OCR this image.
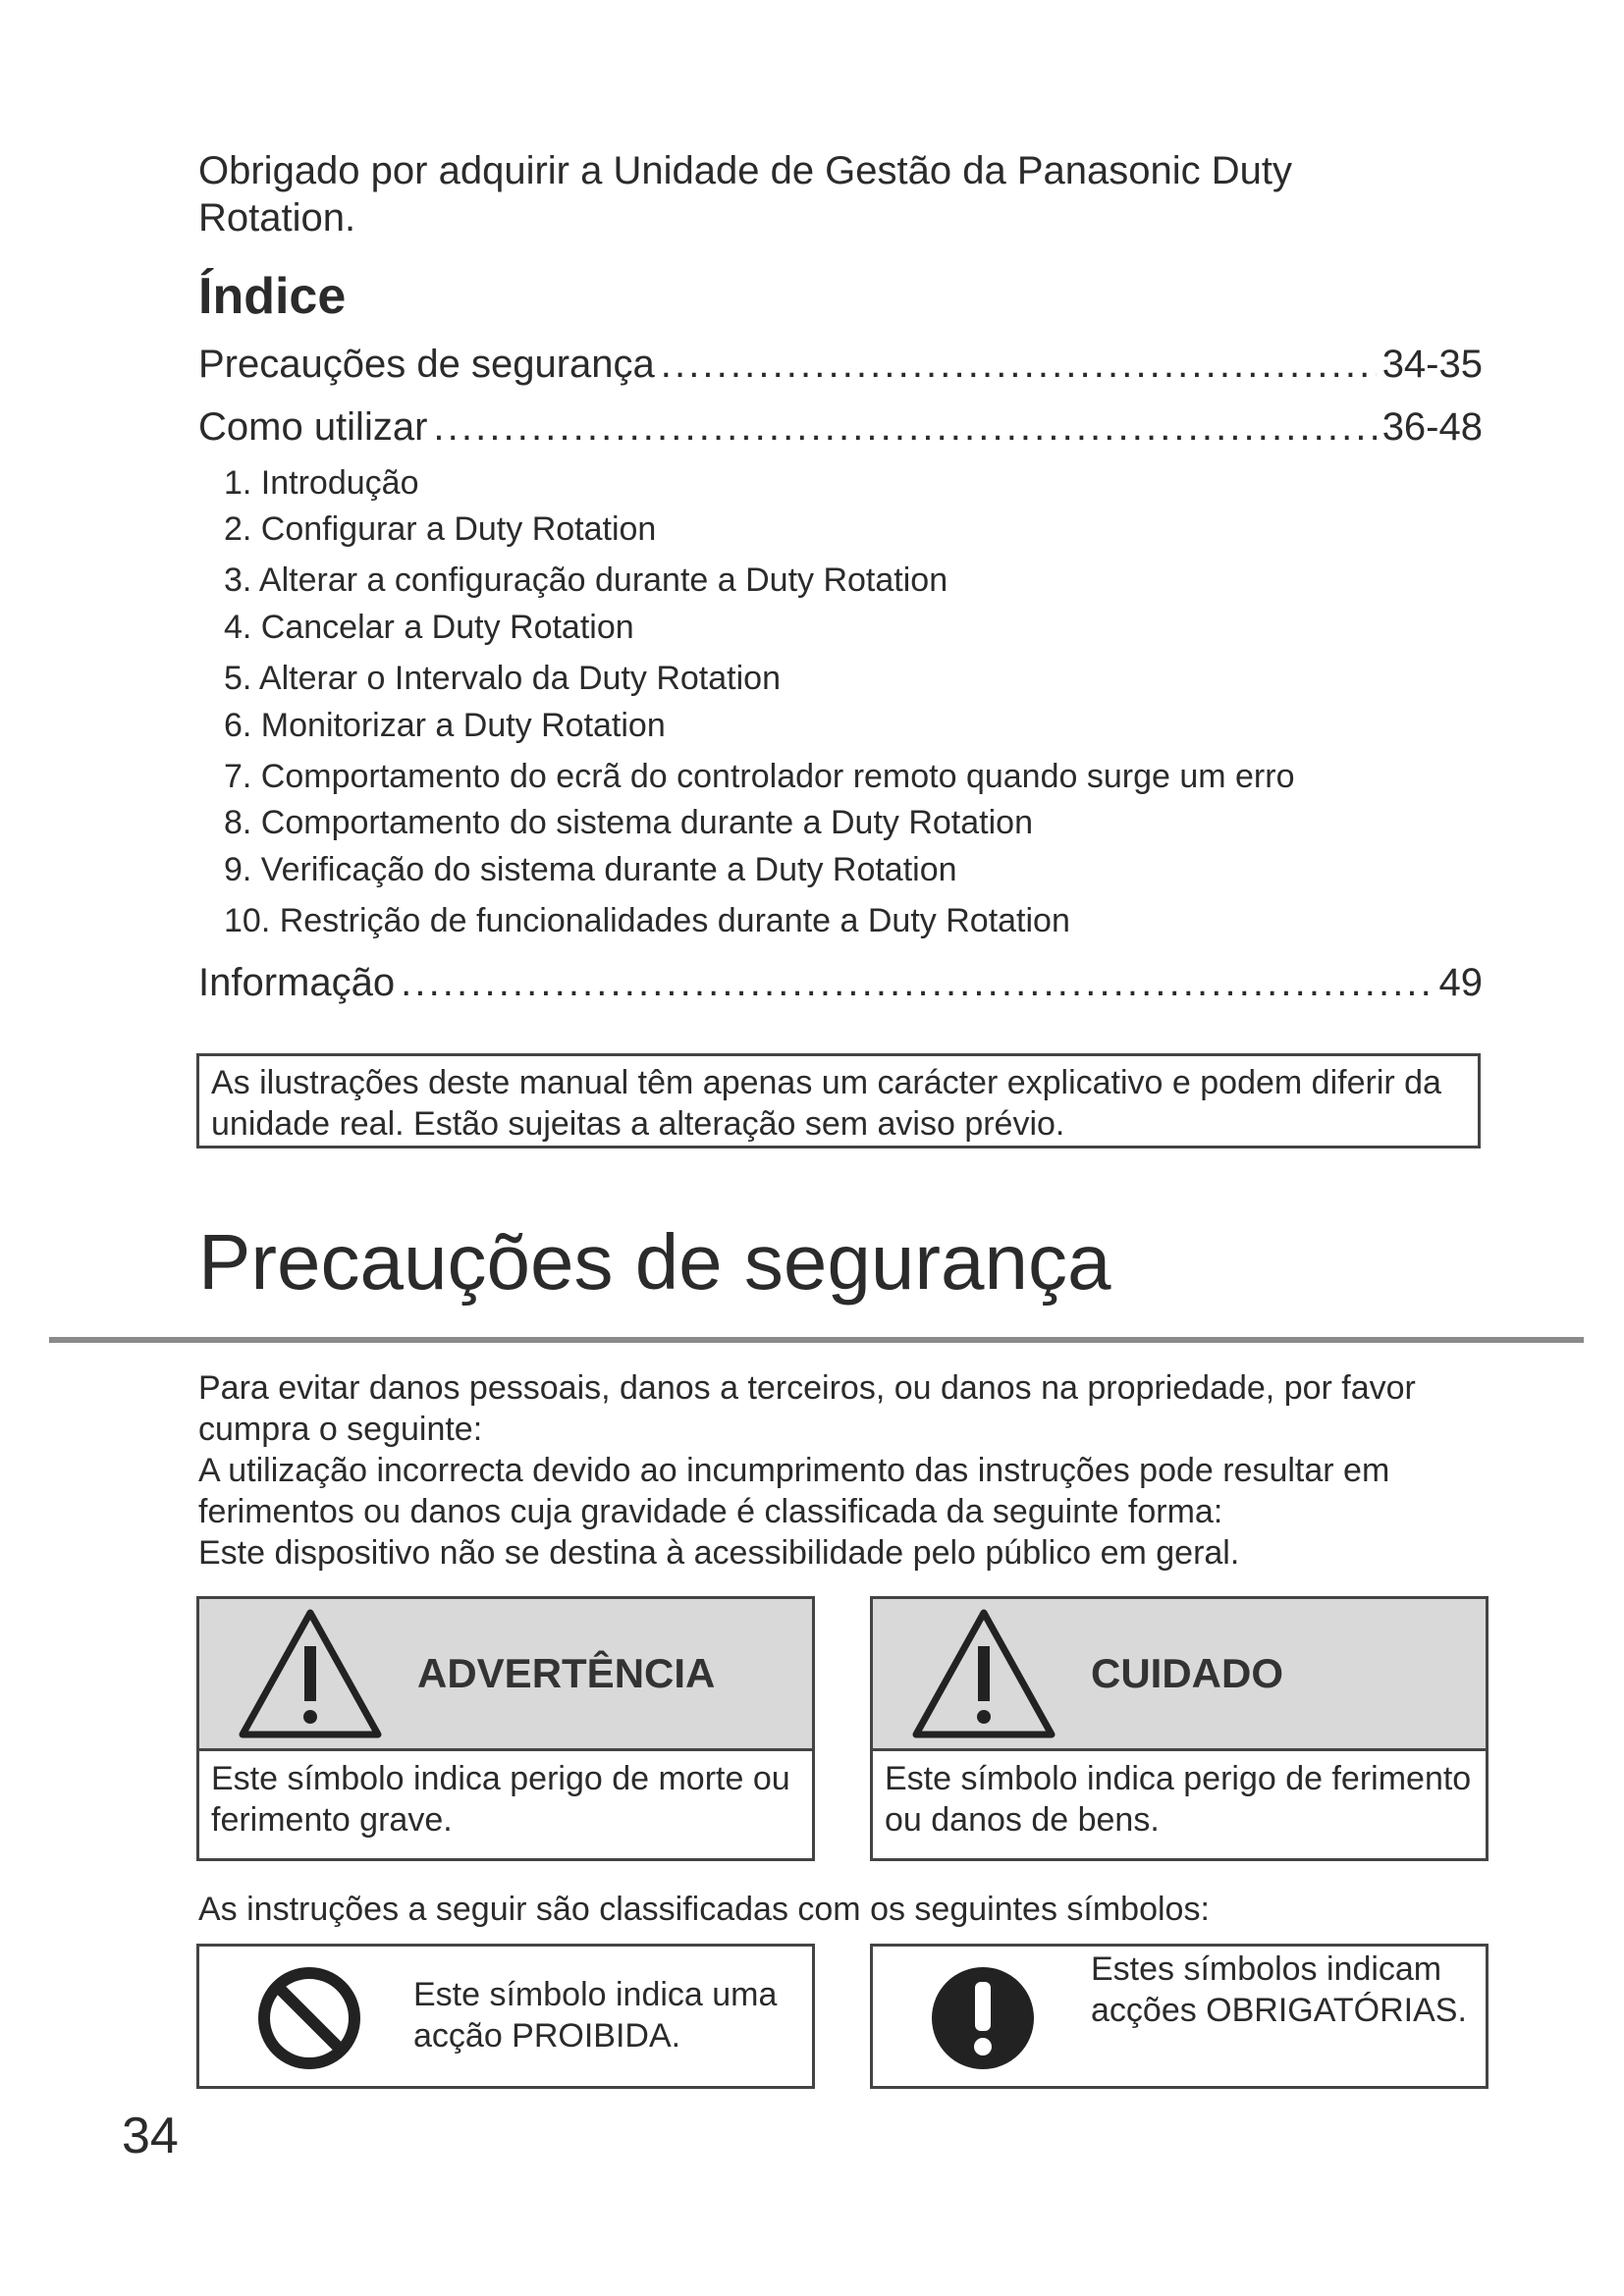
Obrigado por adquirir a Unidade de Gestão da Panasonic Duty Rotation.
Índice
Precauções de segurança . . .	34-35
Como utilizar . . .	36-48
1. Introdução
2. Configurar a Duty Rotation
3. Alterar a configuração durante a Duty Rotation
4. Cancelar a Duty Rotation
5. Alterar o Intervalo da Duty Rotation
6. Monitorizar a Duty Rotation
7. Comportamento do ecrã do controlador remoto quando surge um erro
8. Comportamento do sistema durante a Duty Rotation
9. Verificação do sistema durante a Duty Rotation
10. Restrição de funcionalidades durante a Duty Rotation
Informação . . .	49
As ilustrações deste manual têm apenas um carácter explicativo e podem diferir da unidade real. Estão sujeitas a alteração sem aviso prévio.
Precauções de segurança
Para evitar danos pessoais, danos a terceiros, ou danos na propriedade, por favor cumpra o seguinte:
A utilização incorrecta devido ao incumprimento das instruções pode resultar em ferimentos ou danos cuja gravidade é classificada da seguinte forma:
Este dispositivo não se destina à acessibilidade pelo público em geral.
ADVERTÊNCIA
Este símbolo indica perigo de morte ou ferimento grave.
CUIDADO
Este símbolo indica perigo de ferimento ou danos de bens.
As instruções a seguir são classificadas com os seguintes símbolos:
Este símbolo indica uma acção PROIBIDA.
Estes símbolos indicam acções OBRIGATÓRIAS.
34
